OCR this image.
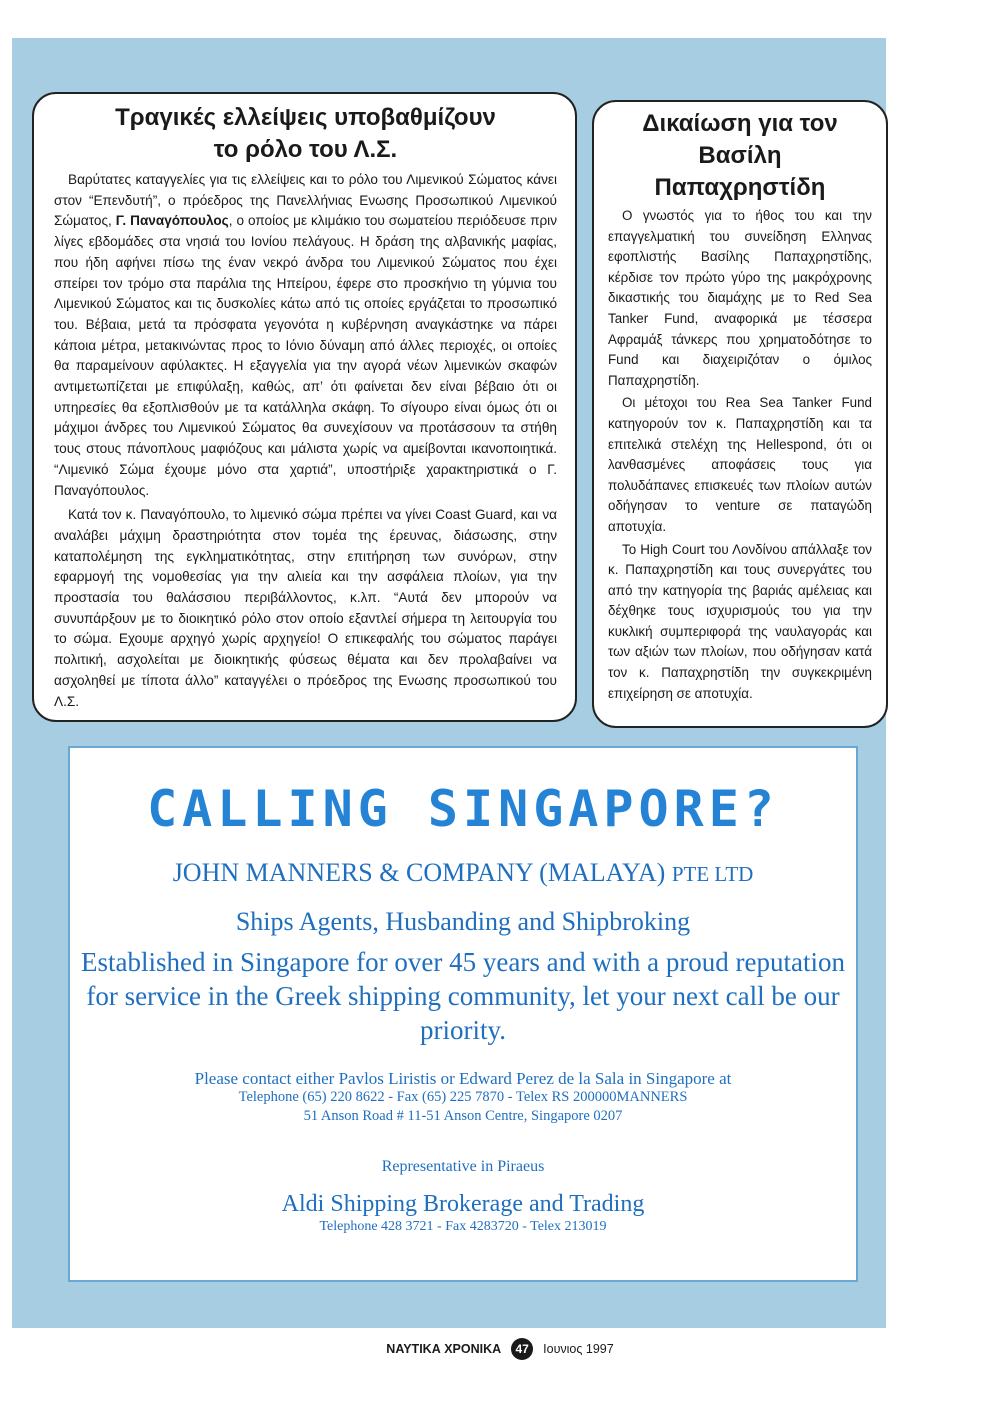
Τραγικές ελλείψεις υποβαθμίζουν
το ρόλο του Λ.Σ.

Βαρύτατες καταγγελίες για τις ελλείψεις και το ρόλο του Λιμενικού Σώματος κάνει στον “Επενδυτή”, ο πρόεδρος της Πανελλήνιας Ενωσης Προσωπικού Λιμενικού Σώματος, Γ. Παναγόπουλος, ο οποίος με κλιμάκιο του σωματείου περιόδευσε πριν λίγες εβδομάδες στα νησιά του Ιονίου πελάγους. Η δράση της αλβανικής μαφίας, που ήδη αφήνει πίσω της έναν νεκρό άνδρα του Λιμενικού Σώματος που έχει σπείρει τον τρόμο στα παράλια της Ηπείρου, έφερε στο προσκήνιο τη γύμνια του Λιμενικού Σώματος και τις δυσκολίες κάτω από τις οποίες εργάζεται το προσωπικό του. Βέβαια, μετά τα πρόσφατα γεγονότα η κυβέρνηση αναγκάστηκε να πάρει κάποια μέτρα, μετακινώντας προς το Ιόνιο δύναμη από άλλες περιοχές, οι οποίες θα παραμείνουν αφύλακτες. Η εξαγγελία για την αγορά νέων λιμενικών σκαφών αντιμετωπίζεται με επιφύλαξη, καθώς, απ’ ότι φαίνεται δεν είναι βέβαιο ότι οι υπηρεσίες θα εξοπλισθούν με τα κατάλληλα σκάφη. Το σίγουρο είναι όμως ότι οι μάχιμοι άνδρες του Λιμενικού Σώματος θα συνεχίσουν να προτάσσουν τα στήθη τους στους πάνοπλους μαφιόζους και μάλιστα χωρίς να αμείβονται ικανοποιητικά. “Λιμενικό Σώμα έχουμε μόνο στα χαρτιά”, υποστήριξε χαρακτηριστικά ο Γ. Παναγόπουλος.

Κατά τον κ. Παναγόπουλο, το λιμενικό σώμα πρέπει να γίνει Coast Guard, και να αναλάβει μάχιμη δραστηριότητα στον τομέα της έρευνας, διάσωσης, στην καταπολέμηση της εγκληματικότητας, στην επιτήρηση των συνόρων, στην εφαρμογή της νομοθεσίας για την αλιεία και την ασφάλεια πλοίων, για την προστασία του θαλάσσιου περιβάλλοντος, κ.λπ. “Αυτά δεν μπορούν να συνυπάρξουν με το διοικητικό ρόλο στον οποίο εξαντλεί σήμερα τη λειτουργία του το σώμα. Εχουμε αρχηγό χωρίς αρχηγείο! Ο επικεφαλής του σώματος παράγει πολιτική, ασχολείται με διοικητικής φύσεως θέματα και δεν προλαβαίνει να ασχοληθεί με τίποτα άλλο” καταγγέλει ο πρόεδρος της Ενωσης προσωπικού του Λ.Σ.

Δικαίωση για τον
Βασίλη
Παπαχρηστίδη

Ο γνωστός για το ήθος του και την επαγγελματική του συνείδηση Ελληνας εφοπλιστής Βασίλης Παπαχρηστίδης, κέρδισε τον πρώτο γύρο της μακρόχρονης δικαστικής του διαμάχης με το Red Sea Tanker Fund, αναφορικά με τέσσερα Αφραμάξ τάνκερς που χρηματοδότησε το Fund και διαχειριζόταν ο όμιλος Παπαχρηστίδη.

Οι μέτοχοι του Rea Sea Tanker Fund κατηγορούν τον κ. Παπαχρηστίδη και τα επιτελικά στελέχη της Hellespond, ότι οι λανθασμένες αποφάσεις τους για πολυδάπανες επισκευές των πλοίων αυτών οδήγησαν το venture σε παταγώδη αποτυχία.

Το High Court του Λονδίνου απάλλαξε τον κ. Παπαχρηστίδη και τους συνεργάτες του από την κατηγορία της βαριάς αμέλειας και δέχθηκε τους ισχυρισμούς του για την κυκλική συμπεριφορά της ναυλαγοράς και των αξιών των πλοίων, που οδήγησαν κατά τον κ. Παπαχρηστίδη την συγκεκριμένη επιχείρηση σε αποτυχία.

CALLING SINGAPORE?
JOHN MANNERS & COMPANY (MALAYA) PTE LTD
Ships Agents, Husbanding and Shipbroking
Established in Singapore for over 45 years and with a proud reputation for service in the Greek shipping community, let your next call be our priority.
Please contact either Pavlos Liristis or Edward Perez de la Sala in Singapore at
Telephone (65) 220 8622 - Fax (65) 225 7870 - Telex RS 200000MANNERS
51 Anson Road # 11-51 Anson Centre, Singapore 0207
Representative in Piraeus
Aldi Shipping Brokerage and Trading
Telephone 428 3721 - Fax 4283720 - Telex 213019
ΝΑΥΤΙΚΑ ΧΡΟΝΙΚΑ	47	Ιουνιος 1997
